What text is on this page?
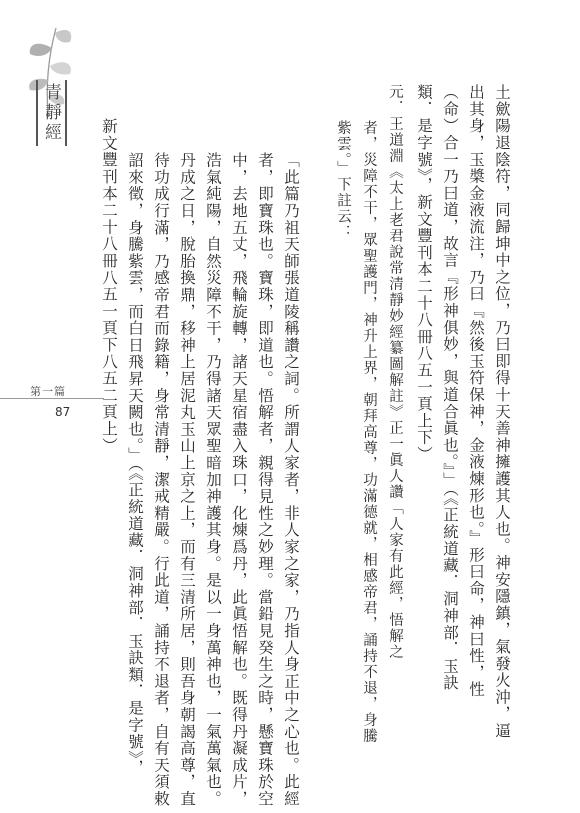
青靜經
第一篇
87	土歛陽退陰符，同歸坤中之位，乃曰即得十天善神擁護其人也。神安隱鎮，氣發火沖，逼
出其身，玉槳金液流注，乃曰『然後玉符保神，金液煉形也。』形曰命，神曰性，性
（命）合一乃曰道，故言『形神俱妙，與道合眞也。』」（《正統道藏．洞神部．玉訣
類．是字號》，新文豐刊本二十八冊八五一頁上下）
元．王道淵《太上老君說常清靜妙經纂圖解註》正一眞人讚「人家有此經，悟解之
者，災障不干，眾聖護門，神升上界，朝拜高尊，功滿德就，相感帝君，誦持不退，身騰
紫雲。」下註云：
「此篇乃祖天師張道陵稱讚之詞。所謂人家者，非人家之家，乃指人身正中之心也。此經
者，即寶珠也。寶珠，即道也。悟解者，親得見性之妙理。當鉛見癸生之時，懸寶珠於空
中，去地五丈，飛輪旋轉，諸天星宿盡入珠口，化煉爲丹，此眞悟解也。既得丹凝成片，
浩氣純陽，自然災障不干，乃得諸天眾聖暗加神護其身。是以一身萬神也，一氣萬氣也。
丹成之日，脫胎換鼎，移神上居泥丸玉山上京之上，而有三清所居，則吾身朝謁高尊，直
待功成行滿，乃感帝君而錄籍，身常清靜，潔戒精嚴。行此道，誦持不退者，自有天須敕
詔來徵，身騰紫雲，而白日飛昇天闕也。」（《正統道藏．洞神部．玉訣類．是字號》，
新文豐刊本二十八冊八五一頁下八五二頁上）
